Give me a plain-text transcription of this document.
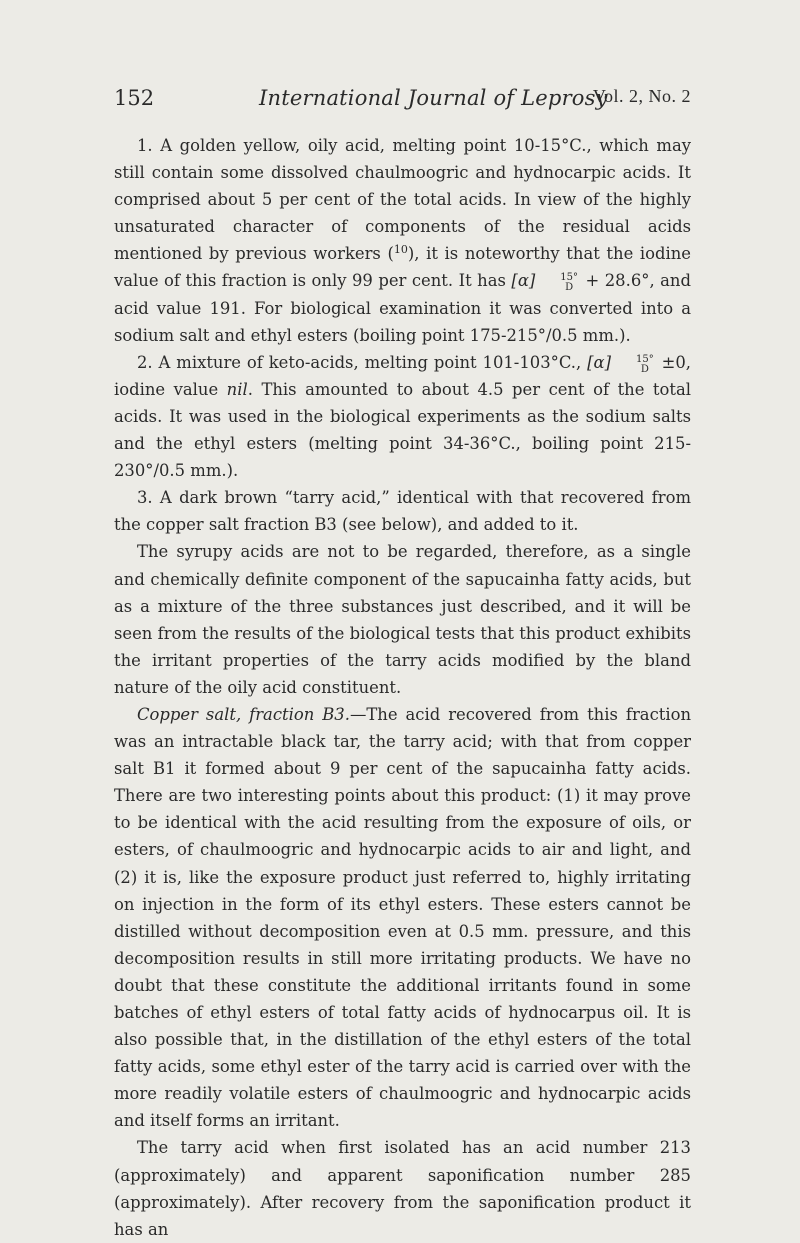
152	International Journal of Leprosy
Vol. 2, No. 2

1. A golden yellow, oily acid, melting point 10-15°C., which may still contain some dissolved chaulmoogric and hydnocarpic acids. It comprised about 5 per cent of the total acids. In view of the highly unsaturated character of components of the residual acids mentioned by previous workers ($^{10}$), it is noteworthy that the iodine value of this fraction is only 99 per cent. It has [α]	15°
D + 28.6°, and acid value 191. For biological examination it was converted into a sodium salt and ethyl esters (boiling point 175-215°/0.5 mm.).

2. A mixture of keto-acids, melting point 101-103°C., [α]	15°
D ±0, iodine value nil. This amounted to about 4.5 per cent of the total acids. It was used in the biological experiments as the sodium salts and the ethyl esters (melting point 34-36°C., boiling point 215-230°/0.5 mm.).

3. A dark brown “tarry acid,” identical with that recovered from the copper salt fraction B3 (see below), and added to it.

The syrupy acids are not to be regarded, therefore, as a single and chemically definite component of the sapucainha fatty acids, but as a mixture of the three substances just described, and it will be seen from the results of the biological tests that this product exhibits the irritant properties of the tarry acids modified by the bland nature of the oily acid constituent.

Copper salt, fraction B3.—The acid recovered from this fraction was an intractable black tar, the tarry acid; with that from copper salt B1 it formed about 9 per cent of the sapucainha fatty acids. There are two interesting points about this product: (1) it may prove to be identical with the acid resulting from the exposure of oils, or esters, of chaulmoogric and hydnocarpic acids to air and light, and (2) it is, like the exposure product just referred to, highly irritating on injection in the form of its ethyl esters. These esters cannot be distilled without decomposition even at 0.5 mm. pressure, and this decomposition results in still more irritating products. We have no doubt that these constitute the additional irritants found in some batches of ethyl esters of total fatty acids of hydnocarpus oil. It is also possible that, in the distillation of the ethyl esters of the total fatty acids, some ethyl ester of the tarry acid is carried over with the more readily volatile esters of chaulmoogric and hydnocarpic acids and itself forms an irritant.

The tarry acid when first isolated has an acid number 213 (approximately) and apparent saponification number 285 (approximately). After recovery from the saponification product it has an
